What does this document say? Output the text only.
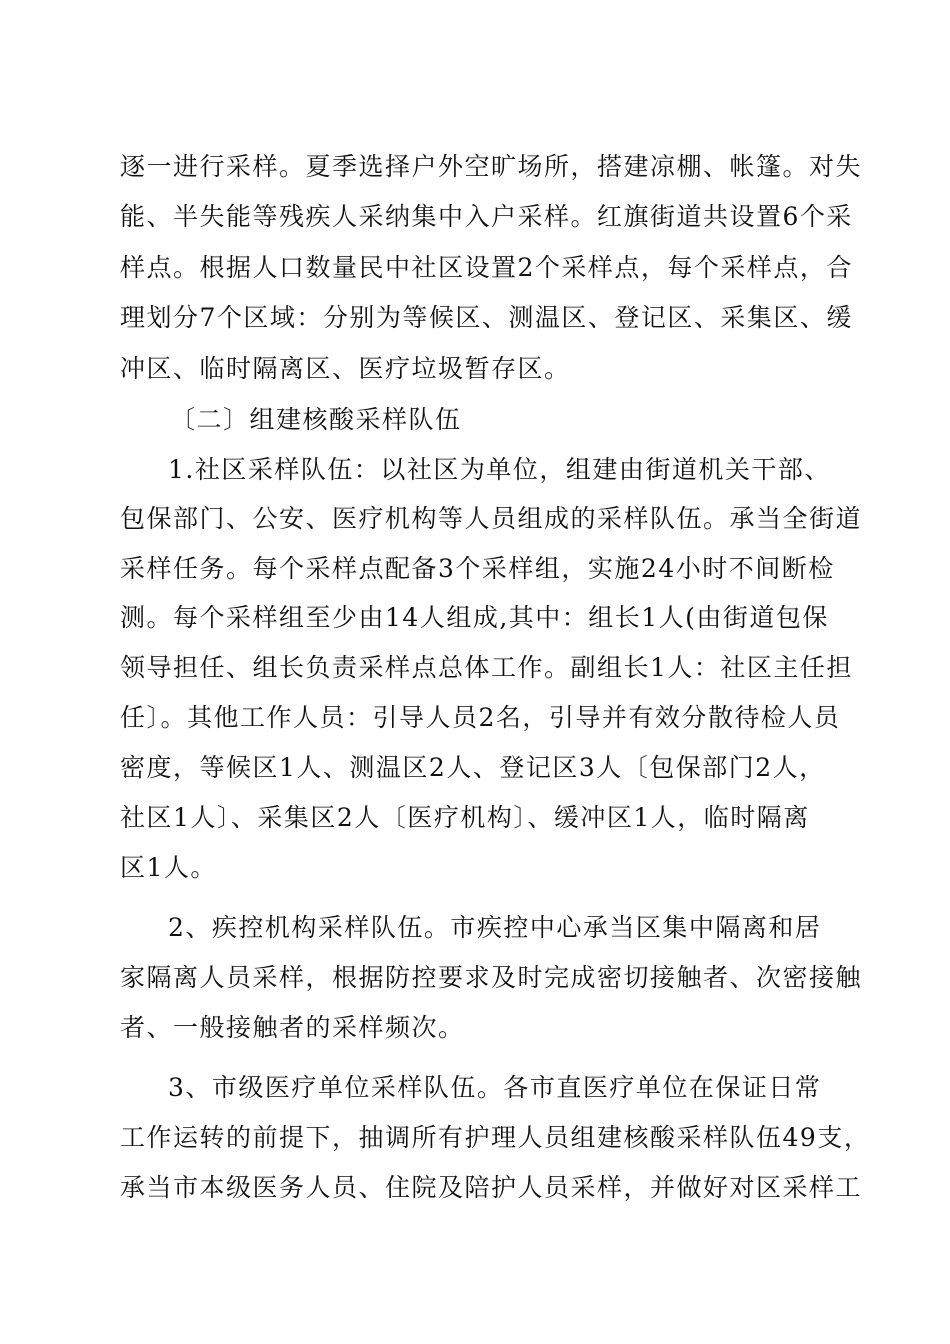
逐一进行采样。夏季选择户外空旷场所，搭建凉棚、帐篷。对失

能、半失能等残疾人采纳集中入户采样。红旗街道共设置6个采

样点。根据人口数量民中社区设置2个采样点，每个采样点，合

理划分7个区域：分别为等候区、测温区、登记区、采集区、缓

冲区、临时隔离区、医疗垃圾暂存区。

〔二〕组建核酸采样队伍

1.社区采样队伍：以社区为单位，组建由街道机关干部、

包保部门、公安、医疗机构等人员组成的采样队伍。承当全街道

采样任务。每个采样点配备3个采样组，实施24小时不间断检

测。每个采样组至少由14人组成,其中：组长1人(由街道包保

领导担任、组长负责采样点总体工作。副组长1人：社区主任担

任〕。其他工作人员：引导人员2名，引导并有效分散待检人员

密度，等候区1人、测温区2人、登记区3人〔包保部门2人，

社区1人〕、采集区2人〔医疗机构〕、缓冲区1人，临时隔离

区1人。

2、疾控机构采样队伍。市疾控中心承当区集中隔离和居

家隔离人员采样，根据防控要求及时完成密切接触者、次密接触

者、一般接触者的采样频次。

3、市级医疗单位采样队伍。各市直医疗单位在保证日常

工作运转的前提下，抽调所有护理人员组建核酸采样队伍49支，

承当市本级医务人员、住院及陪护人员采样，并做好对区采样工
